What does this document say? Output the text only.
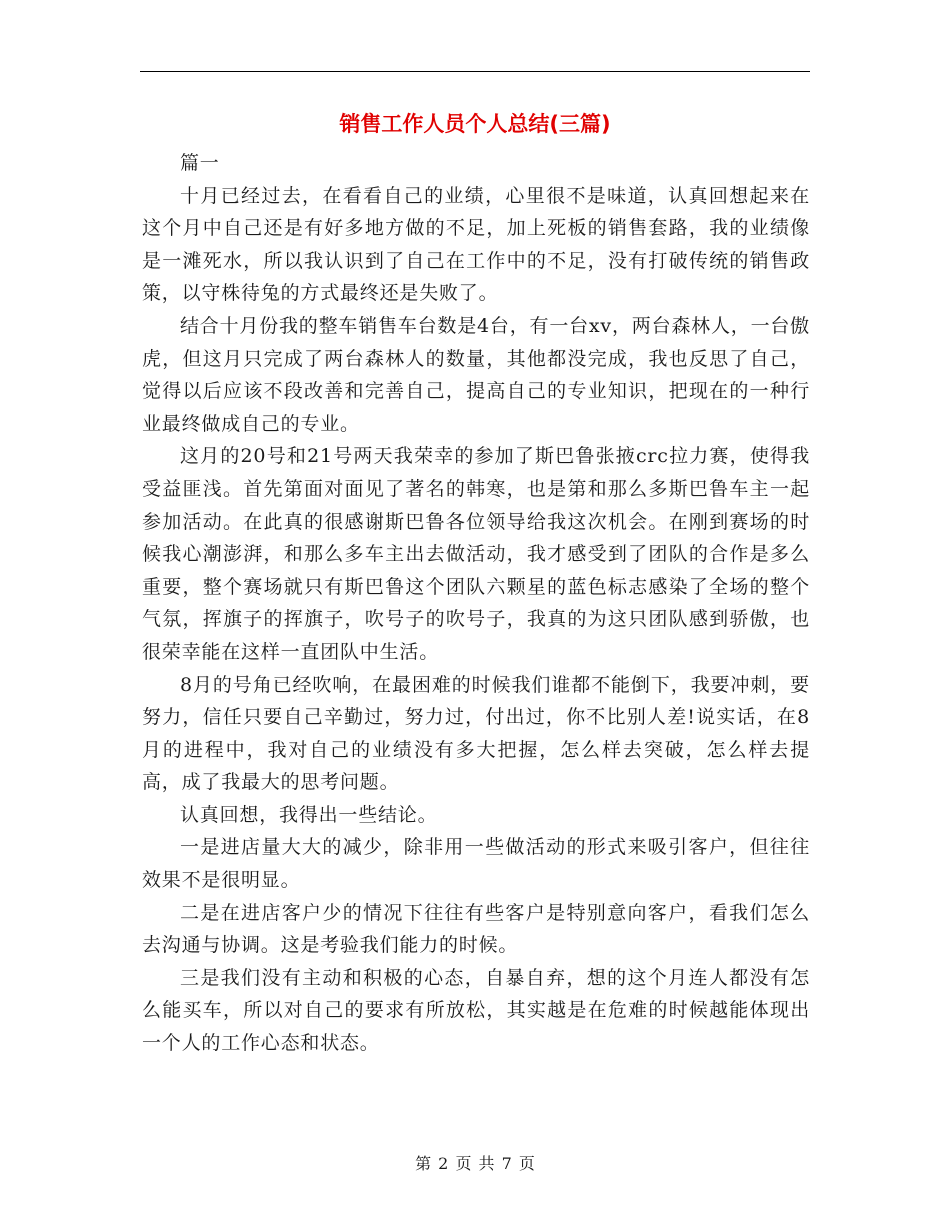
销售工作人员个人总结(三篇)

篇一

十月已经过去，在看看自己的业绩，心里很不是味道，认真回想起来在这个月中自己还是有好多地方做的不足，加上死板的销售套路，我的业绩像是一滩死水，所以我认识到了自己在工作中的不足，没有打破传统的销售政策，以守株待兔的方式最终还是失败了。

结合十月份我的整车销售车台数是4台，有一台xv，两台森林人，一台傲虎，但这月只完成了两台森林人的数量，其他都没完成，我也反思了自己，觉得以后应该不段改善和完善自己，提高自己的专业知识，把现在的一种行业最终做成自己的专业。

这月的20号和21号两天我荣幸的参加了斯巴鲁张掖crc拉力赛，使得我受益匪浅。首先第面对面见了著名的韩寒，也是第和那么多斯巴鲁车主一起参加活动。在此真的很感谢斯巴鲁各位领导给我这次机会。在刚到赛场的时候我心潮澎湃，和那么多车主出去做活动，我才感受到了团队的合作是多么重要，整个赛场就只有斯巴鲁这个团队六颗星的蓝色标志感染了全场的整个气氛，挥旗子的挥旗子，吹号子的吹号子，我真的为这只团队感到骄傲，也很荣幸能在这样一直团队中生活。

8月的号角已经吹响，在最困难的时候我们谁都不能倒下，我要冲刺，要努力，信任只要自己辛勤过，努力过，付出过，你不比别人差!说实话，在8月的进程中，我对自己的业绩没有多大把握，怎么样去突破，怎么样去提高，成了我最大的思考问题。

认真回想，我得出一些结论。

一是进店量大大的减少，除非用一些做活动的形式来吸引客户，但往往效果不是很明显。

二是在进店客户少的情况下往往有些客户是特别意向客户，看我们怎么去沟通与协调。这是考验我们能力的时候。

三是我们没有主动和积极的心态，自暴自弃，想的这个月连人都没有怎么能买车，所以对自己的要求有所放松，其实越是在危难的时候越能体现出一个人的工作心态和状态。

第 2 页 共 7 页
